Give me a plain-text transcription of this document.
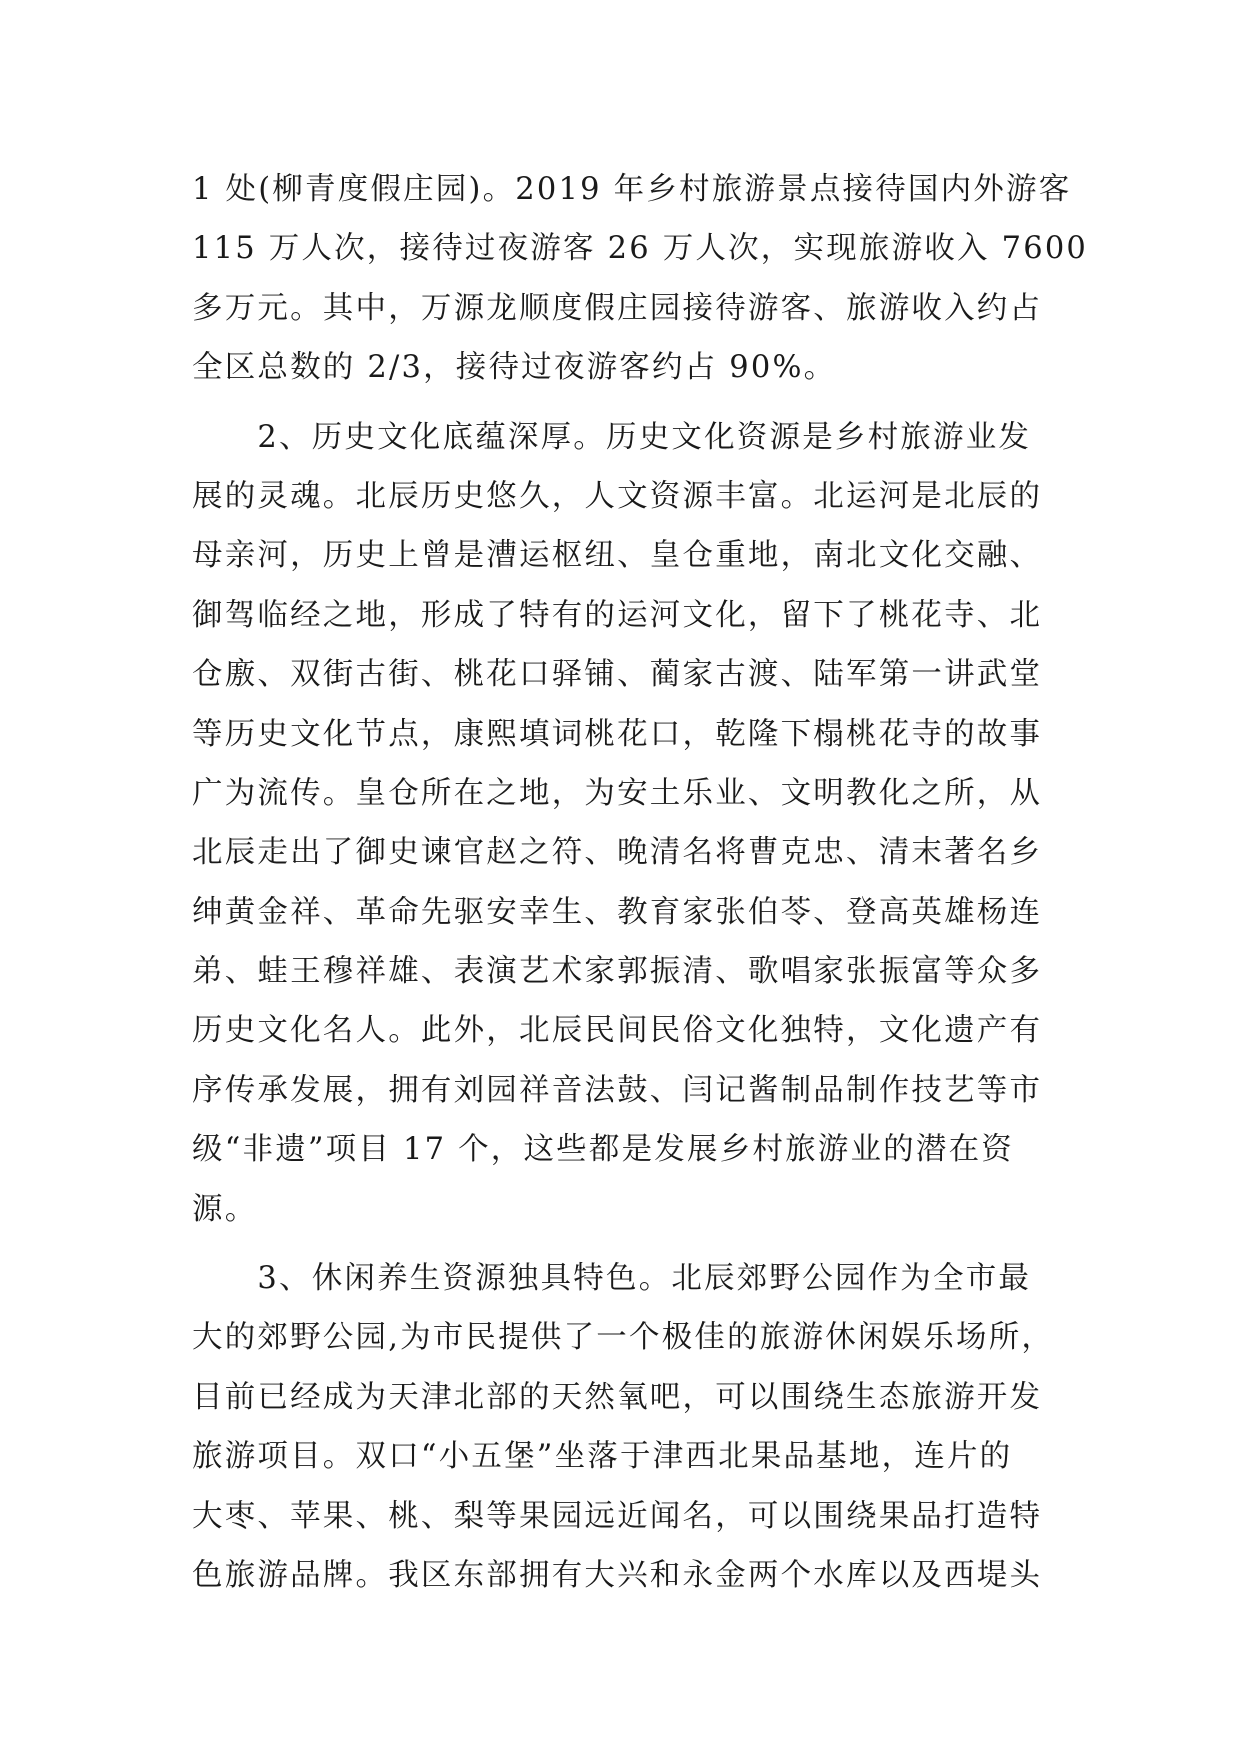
1 处(柳青度假庄园)。2019 年乡村旅游景点接待国内外游客
115 万人次，接待过夜游客 26 万人次，实现旅游收入 7600
多万元。其中，万源龙顺度假庄园接待游客、旅游收入约占
全区总数的 2/3，接待过夜游客约占 90%。
　　2、历史文化底蕴深厚。历史文化资源是乡村旅游业发
展的灵魂。北辰历史悠久，人文资源丰富。北运河是北辰的
母亲河，历史上曾是漕运枢纽、皇仓重地，南北文化交融、
御驾临经之地，形成了特有的运河文化，留下了桃花寺、北
仓廒、双街古街、桃花口驿铺、蔺家古渡、陆军第一讲武堂
等历史文化节点，康熙填词桃花口，乾隆下榻桃花寺的故事
广为流传。皇仓所在之地，为安土乐业、文明教化之所，从
北辰走出了御史谏官赵之符、晚清名将曹克忠、清末著名乡
绅黄金祥、革命先驱安幸生、教育家张伯苓、登高英雄杨连
弟、蛙王穆祥雄、表演艺术家郭振清、歌唱家张振富等众多
历史文化名人。此外，北辰民间民俗文化独特，文化遗产有
序传承发展，拥有刘园祥音法鼓、闫记酱制品制作技艺等市
级“非遗”项目 17 个，这些都是发展乡村旅游业的潜在资
源。
　　3、休闲养生资源独具特色。北辰郊野公园作为全市最
大的郊野公园,为市民提供了一个极佳的旅游休闲娱乐场所，
目前已经成为天津北部的天然氧吧，可以围绕生态旅游开发
旅游项目。双口“小五堡”坐落于津西北果品基地，连片的
大枣、苹果、桃、梨等果园远近闻名，可以围绕果品打造特
色旅游品牌。我区东部拥有大兴和永金两个水库以及西堤头
